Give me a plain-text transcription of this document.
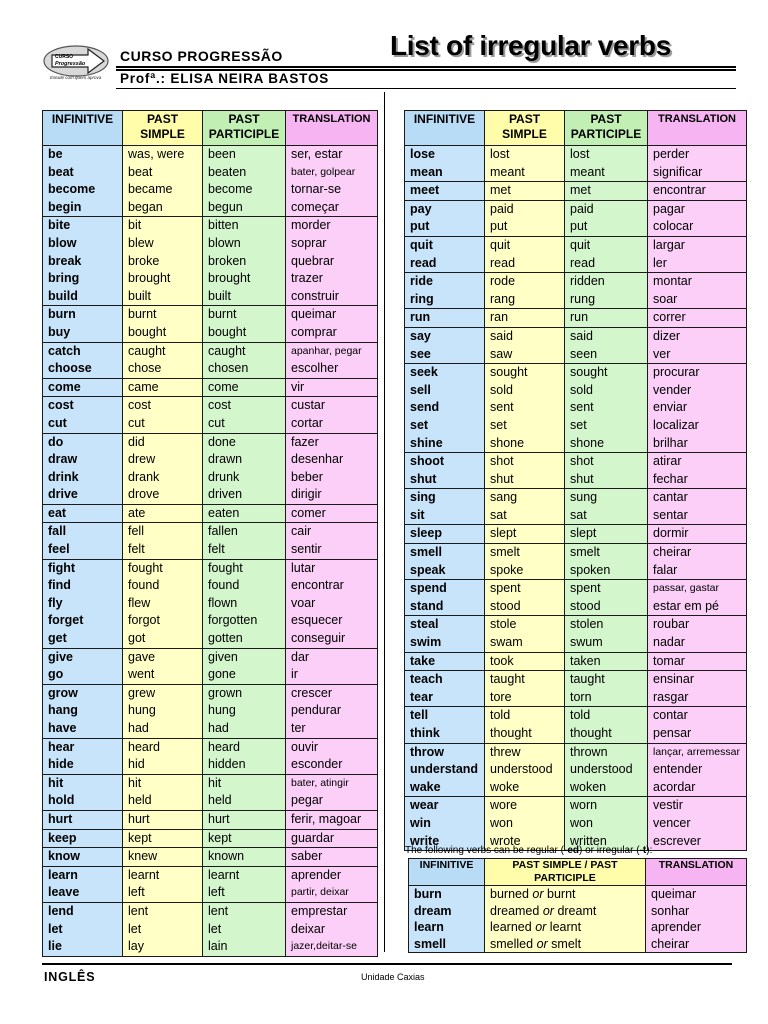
CURSO
Progressão
Estude com quem aprova
CURSO PROGRESSÃO
Profª.: ELISA NEIRA BASTOS
List of irregular verbs
INFINITIVE	PAST SIMPLE	PAST PARTICIPLE	TRANSLATION
be	was, were	been	ser, estar
beat	beat	beaten	bater, golpear
become	became	become	tornar-se
begin	began	begun	começar
bite	bit	bitten	morder
blow	blew	blown	soprar
break	broke	broken	quebrar
bring	brought	brought	trazer
build	built	built	construir
burn	burnt	burnt	queimar
buy	bought	bought	comprar
catch	caught	caught	apanhar, pegar
choose	chose	chosen	escolher
come	came	come	vir
cost	cost	cost	custar
cut	cut	cut	cortar
do	did	done	fazer
draw	drew	drawn	desenhar
drink	drank	drunk	beber
drive	drove	driven	dirigir
eat	ate	eaten	comer
fall	fell	fallen	cair
feel	felt	felt	sentir
fight	fought	fought	lutar
find	found	found	encontrar
fly	flew	flown	voar
forget	forgot	forgotten	esquecer
get	got	gotten	conseguir
give	gave	given	dar
go	went	gone	ir
grow	grew	grown	crescer
hang	hung	hung	pendurar
have	had	had	ter
hear	heard	heard	ouvir
hide	hid	hidden	esconder
hit	hit	hit	bater, atingir
hold	held	held	pegar
hurt	hurt	hurt	ferir, magoar
keep	kept	kept	guardar
know	knew	known	saber
learn	learnt	learnt	aprender
leave	left	left	partir, deixar
lend	lent	lent	emprestar
let	let	let	deixar
lie	lay	lain	jazer,deitar-se
INFINITIVE	PAST SIMPLE	PAST PARTICIPLE	TRANSLATION
lose	lost	lost	perder
mean	meant	meant	significar
meet	met	met	encontrar
pay	paid	paid	pagar
put	put	put	colocar
quit	quit	quit	largar
read	read	read	ler
ride	rode	ridden	montar
ring	rang	rung	soar
run	ran	run	correr
say	said	said	dizer
see	saw	seen	ver
seek	sought	sought	procurar
sell	sold	sold	vender
send	sent	sent	enviar
set	set	set	localizar
shine	shone	shone	brilhar
shoot	shot	shot	atirar
shut	shut	shut	fechar
sing	sang	sung	cantar
sit	sat	sat	sentar
sleep	slept	slept	dormir
smell	smelt	smelt	cheirar
speak	spoke	spoken	falar
spend	spent	spent	passar, gastar
stand	stood	stood	estar em pé
steal	stole	stolen	roubar
swim	swam	swum	nadar
take	took	taken	tomar
teach	taught	taught	ensinar
tear	tore	torn	rasgar
tell	told	told	contar
think	thought	thought	pensar
throw	threw	thrown	lançar, arremessar
understand	understood	understood	entender
wake	woke	woken	acordar
wear	wore	worn	vestir
win	won	won	vencer
write	wrote	written	escrever
The following verbs can be regular (-ed) or irregular (-t):
INFINITIVE	PAST SIMPLE / PAST PARTICIPLE	TRANSLATION
burn	burned or burnt	queimar
dream	dreamed or dreamt	sonhar
learn	learned or learnt	aprender
smell	smelled or smelt	cheirar
INGLÊS	Unidade Caxias
